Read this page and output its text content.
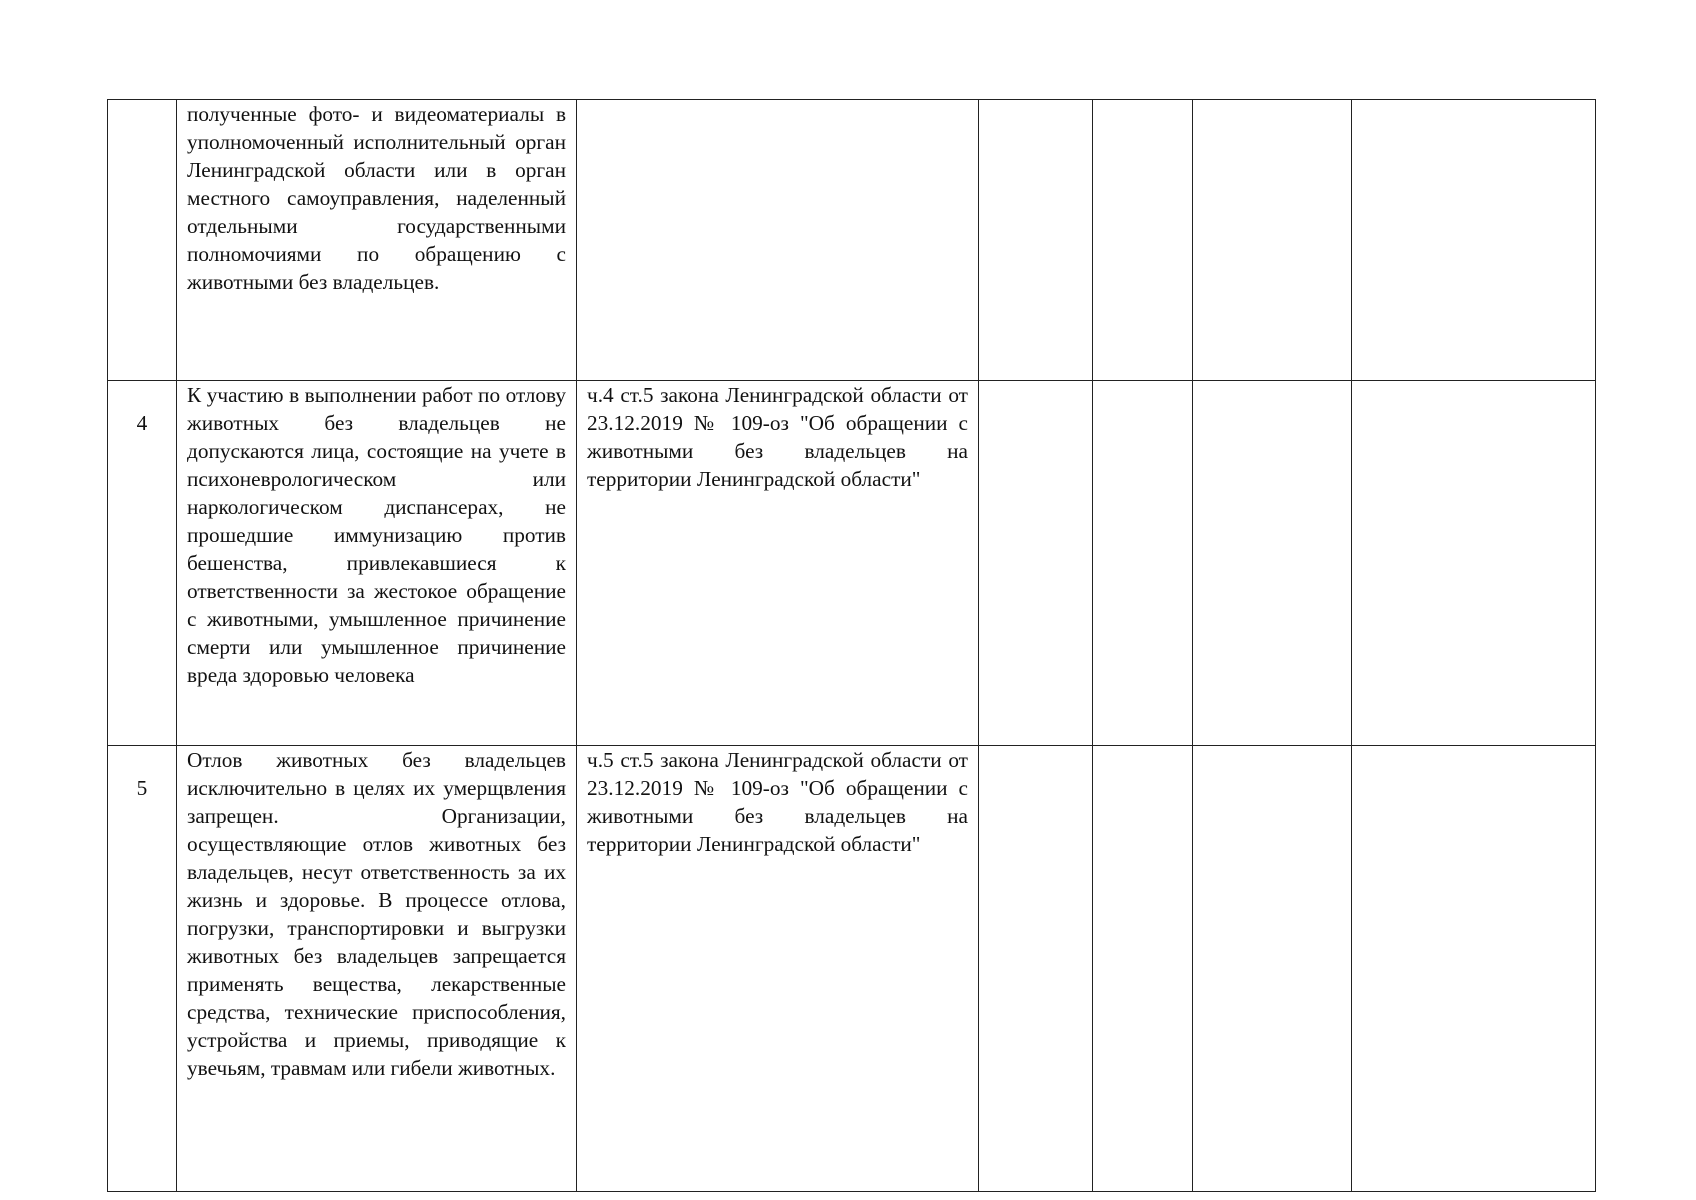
	полученные фото- и видеоматериалы в уполномоченный исполнительный орган Ленинградской области или в орган местного самоуправления, наделенный отдельными государственными полномочиями по обращению с животными без владельцев.					

4	К участию в выполнении работ по отлову животных без владельцев не допускаются лица, состоящие на учете в психоневрологическом или наркологическом диспансерах, не прошедшие иммунизацию против бешенства, привлекавшиеся к ответственности за жестокое обращение с животными, умышленное причинение смерти или умышленное причинение вреда здоровью человека	ч.4 ст.5 закона Ленинградской области от 23.12.2019 № 109-оз "Об обращении с животными без владельцев на территории Ленинградской области"				

5	Отлов животных без владельцев исключительно в целях их умерщвления запрещен. Организации, осуществляющие отлов животных без владельцев, несут ответственность за их жизнь и здоровье. В процессе отлова, погрузки, транспортировки и выгрузки животных без владельцев запрещается применять вещества, лекарственные средства, технические приспособления, устройства и приемы, приводящие к увечьям, травмам или гибели животных.	ч.5 ст.5 закона Ленинградской области от 23.12.2019 № 109-оз "Об обращении с животными без владельцев на территории Ленинградской области"				
